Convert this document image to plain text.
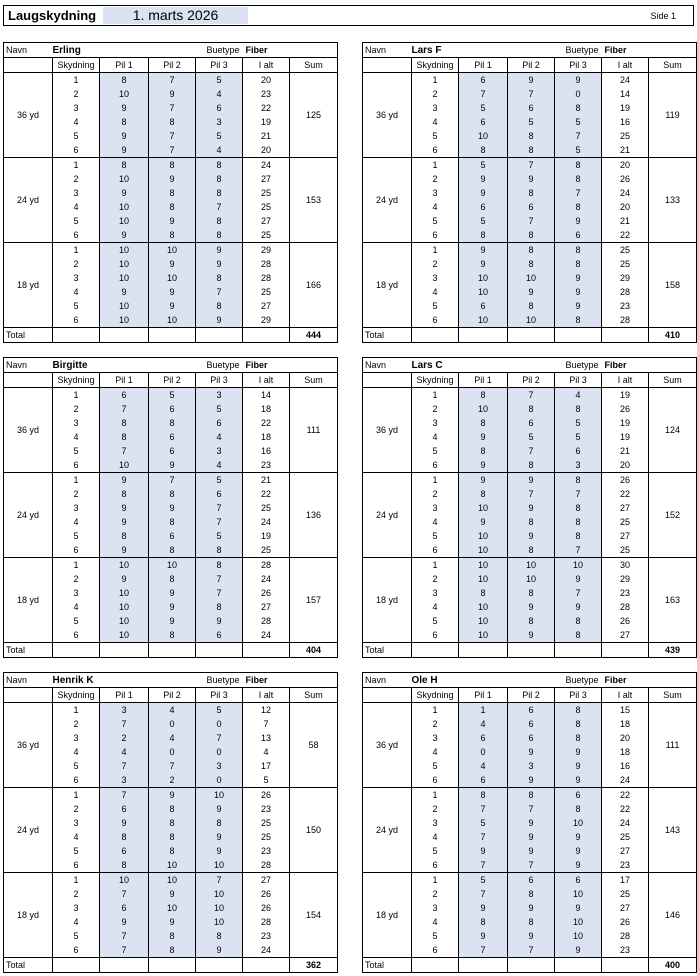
Laugskydning	1. marts 2026	Side 1
Navn	Erling			Buetype	Fiber	
	Skydning	Pil 1	Pil 2	Pil 3	I alt	Sum
36 yd	1	8	7	5	20	125
	2	10	9	4	23	
	3	9	7	6	22	
	4	8	8	3	19	
	5	9	7	5	21	
	6	9	7	4	20	
24 yd	1	8	8	8	24	153
	2	10	9	8	27	
	3	9	8	8	25	
	4	10	8	7	25	
	5	10	9	8	27	
	6	9	8	8	25	
18 yd	1	10	10	9	29	166
	2	10	9	9	28	
	3	10	10	8	28	
	4	9	9	7	25	
	5	10	9	8	27	
	6	10	10	9	29	
Total						444
Navn	Lars F			Buetype	Fiber	
	Skydning	Pil 1	Pil 2	Pil 3	I alt	Sum
36 yd	1	6	9	9	24	119
	2	7	7	0	14	
	3	5	6	8	19	
	4	6	5	5	16	
	5	10	8	7	25	
	6	8	8	5	21	
24 yd	1	5	7	8	20	133
	2	9	9	8	26	
	3	9	8	7	24	
	4	6	6	8	20	
	5	5	7	9	21	
	6	8	8	6	22	
18 yd	1	9	8	8	25	158
	2	9	8	8	25	
	3	10	10	9	29	
	4	10	9	9	28	
	5	6	8	9	23	
	6	10	10	8	28	
Total						410
Navn	Birgitte			Buetype	Fiber	
	Skydning	Pil 1	Pil 2	Pil 3	I alt	Sum
36 yd	1	6	5	3	14	111
	2	7	6	5	18	
	3	8	8	6	22	
	4	8	6	4	18	
	5	7	6	3	16	
	6	10	9	4	23	
24 yd	1	9	7	5	21	136
	2	8	8	6	22	
	3	9	9	7	25	
	4	9	8	7	24	
	5	8	6	5	19	
	6	9	8	8	25	
18 yd	1	10	10	8	28	157
	2	9	8	7	24	
	3	10	9	7	26	
	4	10	9	8	27	
	5	10	9	9	28	
	6	10	8	6	24	
Total						404
Navn	Lars C			Buetype	Fiber	
	Skydning	Pil 1	Pil 2	Pil 3	I alt	Sum
36 yd	1	8	7	4	19	124
	2	10	8	8	26	
	3	8	6	5	19	
	4	9	5	5	19	
	5	8	7	6	21	
	6	9	8	3	20	
24 yd	1	9	9	8	26	152
	2	8	7	7	22	
	3	10	9	8	27	
	4	9	8	8	25	
	5	10	9	8	27	
	6	10	8	7	25	
18 yd	1	10	10	10	30	163
	2	10	10	9	29	
	3	8	8	7	23	
	4	10	9	9	28	
	5	10	8	8	26	
	6	10	9	8	27	
Total						439
Navn	Henrik K			Buetype	Fiber	
	Skydning	Pil 1	Pil 2	Pil 3	I alt	Sum
36 yd	1	3	4	5	12	58
	2	7	0	0	7	
	3	2	4	7	13	
	4	4	0	0	4	
	5	7	7	3	17	
	6	3	2	0	5	
24 yd	1	7	9	10	26	150
	2	6	8	9	23	
	3	9	8	8	25	
	4	8	8	9	25	
	5	6	8	9	23	
	6	8	10	10	28	
18 yd	1	10	10	7	27	154
	2	7	9	10	26	
	3	6	10	10	26	
	4	9	9	10	28	
	5	7	8	8	23	
	6	7	8	9	24	
Total						362
Navn	Ole H			Buetype	Fiber	
	Skydning	Pil 1	Pil 2	Pil 3	I alt	Sum
36 yd	1	1	6	8	15	111
	2	4	6	8	18	
	3	6	6	8	20	
	4	0	9	9	18	
	5	4	3	9	16	
	6	6	9	9	24	
24 yd	1	8	8	6	22	143
	2	7	7	8	22	
	3	5	9	10	24	
	4	7	9	9	25	
	5	9	9	9	27	
	6	7	7	9	23	
18 yd	1	5	6	6	17	146
	2	7	8	10	25	
	3	9	9	9	27	
	4	8	8	10	26	
	5	9	9	10	28	
	6	7	7	9	23	
Total						400
